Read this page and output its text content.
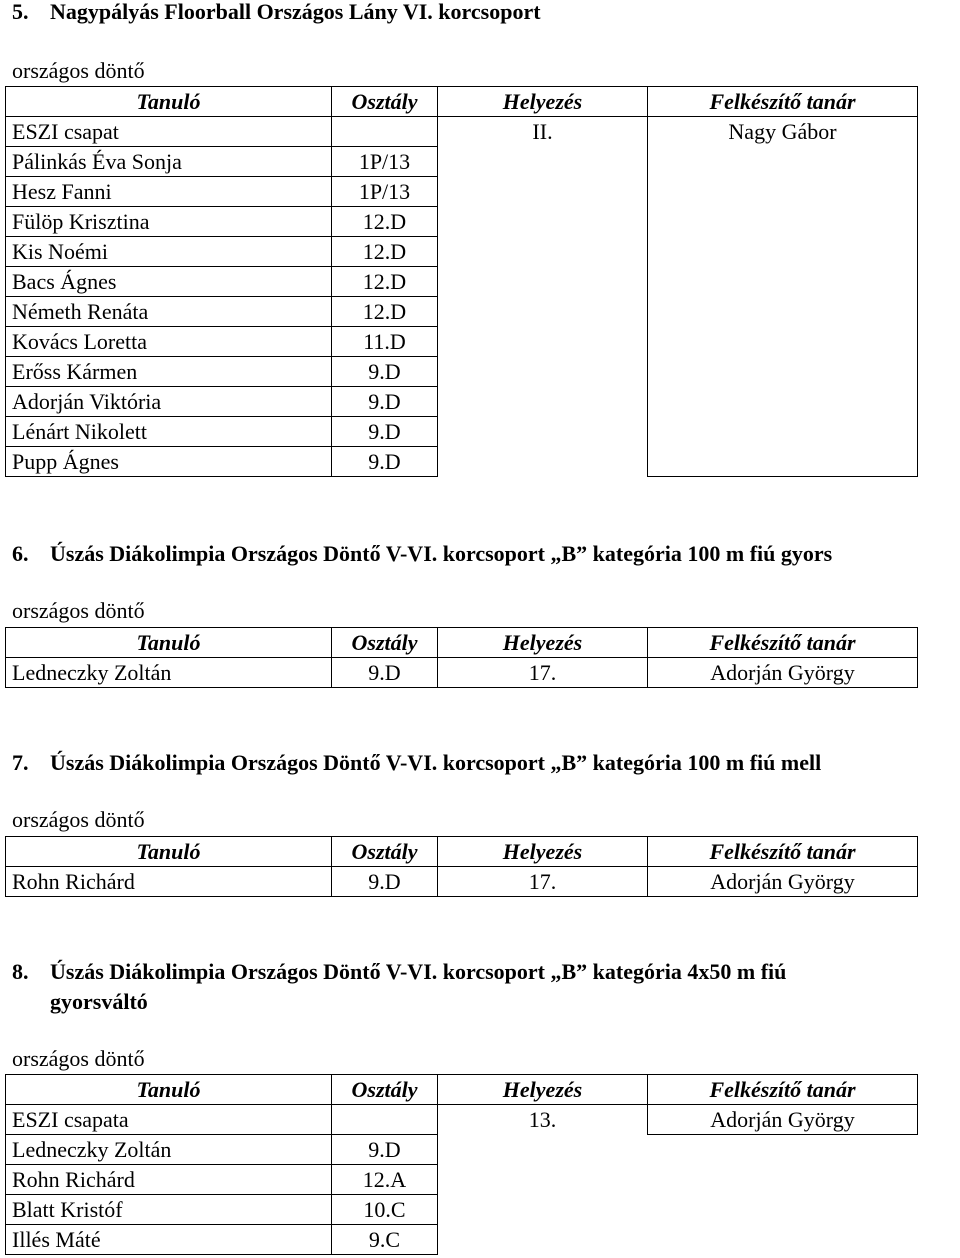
5. Nagypályás Floorball Országos Lány VI. korcsoport
országos döntő
Tanuló	Osztály	Helyezés	Felkészítő tanár
ESZI csapat		II.	Nagy Gábor
Pálinkás Éva Sonja	1P/13		
Hesz Fanni	1P/13		
Fülöp Krisztina	12.D		
Kis Noémi	12.D		
Bacs Ágnes	12.D		
Németh Renáta	12.D		
Kovács Loretta	11.D		
Erőss Kármen	9.D		
Adorján Viktória	9.D		
Lénárt Nikolett	9.D		
Pupp Ágnes	9.D		
6. Úszás Diákolimpia Országos Döntő V-VI. korcsoport „B” kategória 100 m fiú gyors
országos döntő
Tanuló	Osztály	Helyezés	Felkészítő tanár
Ledneczky Zoltán	9.D	17.	Adorján György
7. Úszás Diákolimpia Országos Döntő V-VI. korcsoport „B” kategória 100 m fiú mell
országos döntő
Tanuló	Osztály	Helyezés	Felkészítő tanár
Rohn Richárd	9.D	17.	Adorján György
8. Úszás Diákolimpia Országos Döntő V-VI. korcsoport „B” kategória 4x50 m fiú
gyorsváltó
országos döntő
Tanuló	Osztály	Helyezés	Felkészítő tanár
ESZI csapata		13.	Adorján György
Ledneczky Zoltán	9.D		
Rohn Richárd	12.A		
Blatt Kristóf	10.C		
Illés Máté	9.C		
